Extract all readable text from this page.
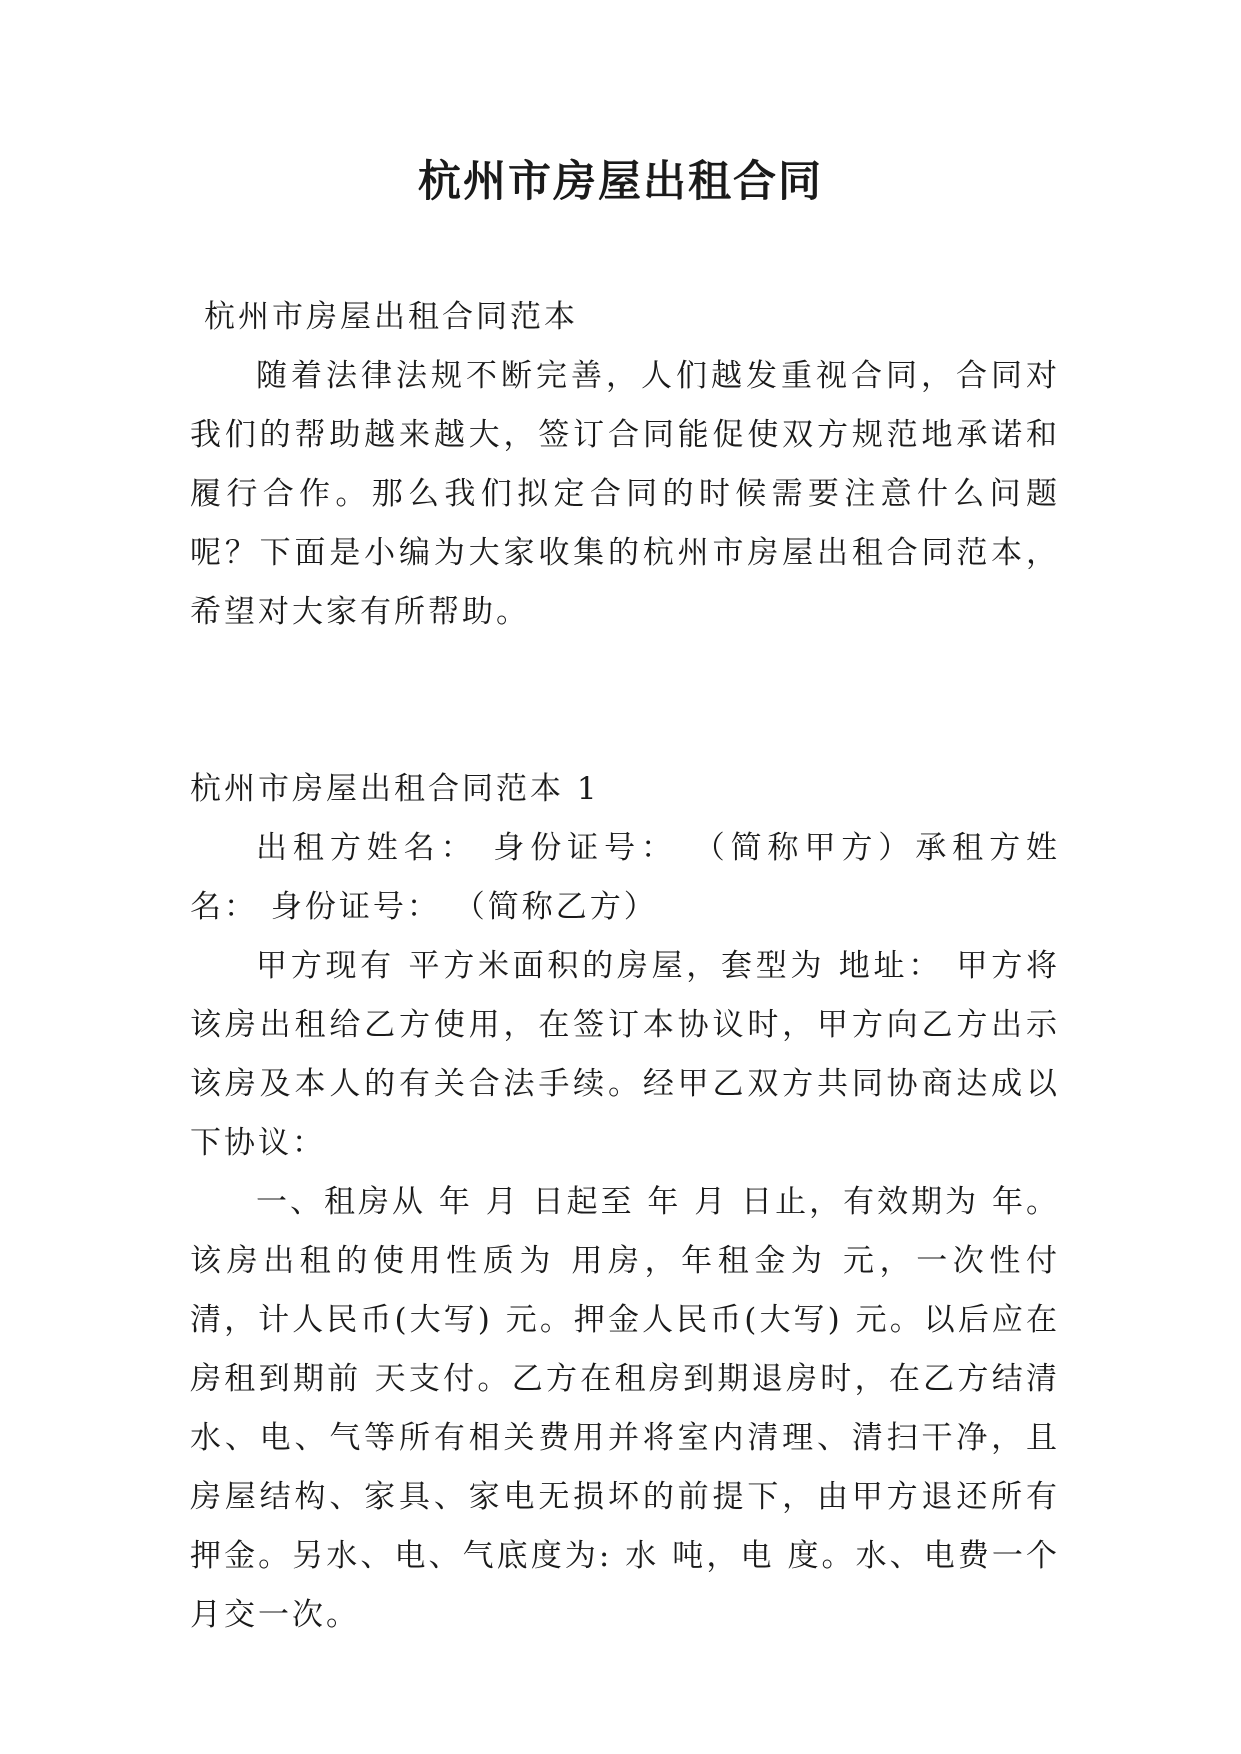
杭州市房屋出租合同

杭州市房屋出租合同范本

随着法律法规不断完善，人们越发重视合同，合同对我们的帮助越来越大，签订合同能促使双方规范地承诺和履行合作。那么我们拟定合同的时候需要注意什么问题呢？下面是小编为大家收集的杭州市房屋出租合同范本，希望对大家有所帮助。

杭州市房屋出租合同范本 1

出租方姓名： 身份证号： （简称甲方）承租方姓名： 身份证号： （简称乙方）

甲方现有 平方米面积的房屋，套型为 地址： 甲方将该房出租给乙方使用，在签订本协议时，甲方向乙方出示该房及本人的有关合法手续。经甲乙双方共同协商达成以下协议：

一、租房从 年 月 日起至 年 月 日止，有效期为 年。该房出租的使用性质为 用房，年租金为 元，一次性付清，计人民币(大写) 元。押金人民币(大写) 元。以后应在房租到期前 天支付。乙方在租房到期退房时，在乙方结清水、电、气等所有相关费用并将室内清理、清扫干净，且房屋结构、家具、家电无损坏的前提下，由甲方退还所有押金。另水、电、气底度为: 水 吨，电 度。水、电费一个月交一次。
